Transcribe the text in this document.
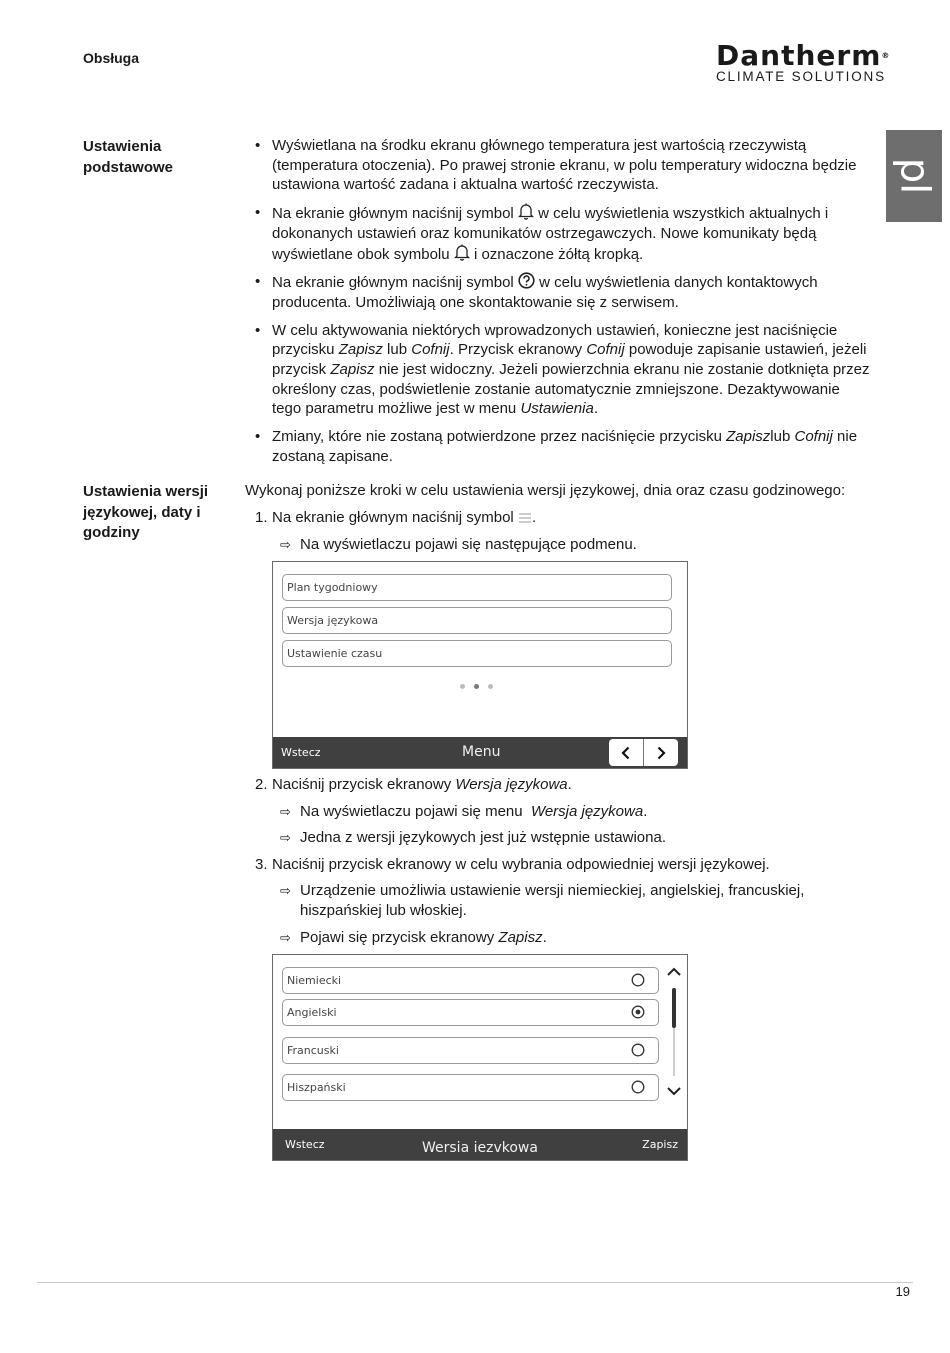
Obsługa	Dantherm®
CLIMATE SOLUTIONS
pl
Ustawienia podstawowe
• Wyświetlana na środku ekranu głównego temperatura jest wartością rzeczywistą (temperatura otoczenia). Po prawej stronie ekranu, w polu temperatury widoczna będzie ustawiona wartość zadana i aktualna wartość rzeczywista.
• Na ekranie głównym naciśnij symbol w celu wyświetlenia wszystkich aktualnych i dokonanych ustawień oraz komunikatów ostrzegawczych. Nowe komunikaty będą wyświetlane obok symbolu i oznaczone żółtą kropką.
• Na ekranie głównym naciśnij symbol w celu wyświetlenia danych kontaktowych producenta. Umożliwiają one skontaktowanie się z serwisem.
• W celu aktywowania niektórych wprowadzonych ustawień, konieczne jest naciśnięcie przycisku Zapisz lub Cofnij. Przycisk ekranowy Cofnij powoduje zapisanie ustawień, jeżeli przycisk Zapisz nie jest widoczny. Jeżeli powierzchnia ekranu nie zostanie dotknięta przez określony czas, podświetlenie zostanie automatycznie zmniejszone. Dezaktywowanie tego parametru możliwe jest w menu Ustawienia.
• Zmiany, które nie zostaną potwierdzone przez naciśnięcie przycisku Zapiszlub Cofnij nie zostaną zapisane.
Ustawienia wersji językowej, daty i godziny
Wykonaj poniższe kroki w celu ustawienia wersji językowej, dnia oraz czasu godzinowego:
1. Na ekranie głównym naciśnij symbol .
⇨ Na wyświetlaczu pojawi się następujące podmenu.
Plan tygodniowy
Wersja językowa
Ustawienie czasu
Wstecz	Menu
2. Naciśnij przycisk ekranowy Wersja językowa.
⇨ Na wyświetlaczu pojawi się menu Wersja językowa.
⇨ Jedna z wersji językowych jest już wstępnie ustawiona.
3. Naciśnij przycisk ekranowy w celu wybrania odpowiedniej wersji językowej.
⇨ Urządzenie umożliwia ustawienie wersji niemieckiej, angielskiej, francuskiej, hiszpańskiej lub włoskiej.
⇨ Pojawi się przycisk ekranowy Zapisz.
Niemiecki
Angielski
Francuski
Hiszpański
Wstecz	Wersia iezvkowa	Zapisz
19
